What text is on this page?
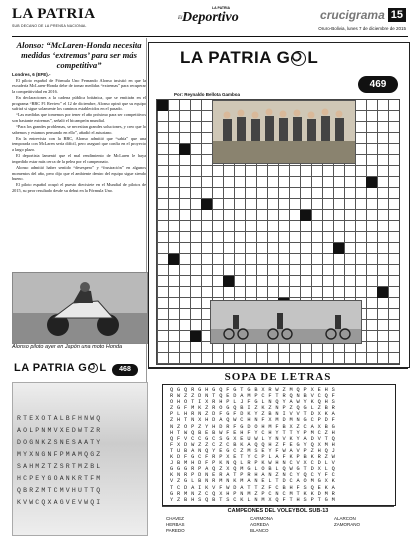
LA PATRIA
SUB DECANO DE LA PRENSA NACIONAL
El
LA PATRIA
Deportivo	crucigrama 15
Oruro-Bolivia, lunes 7 de diciembre de 2015
Alonso: “McLaren-Honda necesita medidas ‘extremas’ para ser más competitiva”
Londres, 6 (EFE).-

El piloto español de Fórmula Uno Fernando Alonso insistió en que la escudería McLaren-Honda debe de tomar medidas “extremas” para recuperar la competitividad en 2016.

En declaraciones a la cadena pública británica, que se emitirán en el programa “BBC F1 Review” el 12 de diciembre, Alonso opinó que su equipo sufrirá si sigue solamente los caminos establecidos en el pasado.

“Las medidas que tomemos por tener el año próximo para ser competitivos son bastante extremas”, señaló el bicampeón mundial.

“Para los grandes problemas, se necesitan grandes soluciones, y creo que lo sabemos y estamos pensando en ello”, añadió el asturiano.

En la entrevista con la BBC, Alonso admitió que “sabía” que una temporada con McLaren sería difícil, pero aseguró que confía en el proyecto a largo plazo.

El deportista lamentó que el mal rendimiento de McLaren le haya impedido estar más cerca de la pelea por el campeonato.

Alonso admitió haber sentido “desespero” y “frustración” en algunos momentos del año, pero dijo que el ambiente dentro del equipo sigue siendo bueno.

El piloto español ocupó el puesto diecisiete en el Mundial de pilotos de 2015, su peor resultado desde su debut en la Fórmula Uno.

Alonso piloto ayer en Japón una moto Honda
LA PATRIA G L	468
RTEXOTALBFHNWQ
AOLPNMVXEDWTZR
DOGNKZSNESAATY
MYXNGNFPMAMQGZ
SAHMZTZSRTMZBL
HCPEYGOANKRTFM
QBRZMTCMVHUTTQ
KVWCQXAGVEVWQI
LA PATRIA G L
469
Por: Reynaldo Bellota Gamboa
SOPA DE LETRAS
QGQRGHGQFGTGBXRWZMQPXEHS
RWZZDNTQEDAMPCFTRQNBVCQF
OHOTIXRHPLJFGLNQYAWYKQHS
ZGFMKZROGQBIZKZNPZQGLZBR
PLHRNZDFGFDKYZBNIVVTDXKA
ZHTNXHDAQWCHNFXMDMNGCPDF
NZOPZYHDRFGDOHMFBXZCAXBG
HTWQBEBWFEHFYCHYTTYPMCZH
QFVCCGCSGXEUWLYNVKYADVTQ
FXDWZZCZCBKAQQHZFEGYQXMH
TUBANQYEGCZMSEYFWAVPZHQJ
KDFGCFRPXETYCPLAFKPBKRZW
JBMHDFPKNQLRPKWHNCVXCDLV
GGGRPAQZXQMGLOBLQWGTDXLQ
KNRPDNERATPRHANZNCYQCYFC
VZGLBNRMNKMANELTDCAOMGXK
TCDAIKVFWDATTZFCBHFSQEKA
GRMNZCQXHPNMZPCNCMTKKDMR
YZBHSQBTSCKLNMXQFTHSPTGM
CAMPEONES DEL VOLEYBOL SUB-13
CHAVEZ
HERBAS
PAREDO
CARMONA
AGREDA
BLANCO
ALARCON
ZAMORANO
